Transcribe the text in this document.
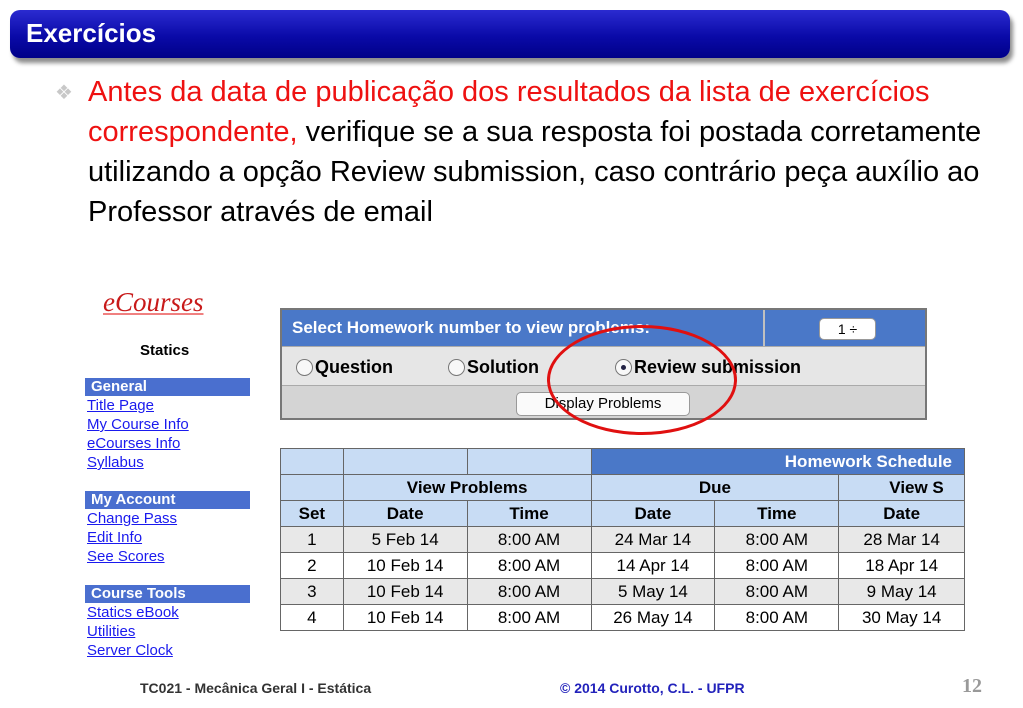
Exercícios
❖ Antes da data de publicação dos resultados da lista de exercícios correspondente, verifique se a sua resposta foi postada corretamente utilizando a opção Review submission, caso contrário peça auxílio ao Professor através de email
eCourses
Statics
General
Title Page
My Course Info
eCourses Info
Syllabus
My Account
Change Pass
Edit Info
See Scores
Course Tools
Statics eBook
Utilities
Server Clock
Select Homework number to view problems:	1 ÷
Question	Solution	Review submission
Display Problems
			Homework Schedule		
	View Problems		Due		View S
Set	Date	Time	Date	Time	Date
1	5 Feb 14	8:00 AM	24 Mar 14	8:00 AM	28 Mar 14
2	10 Feb 14	8:00 AM	14 Apr 14	8:00 AM	18 Apr 14
3	10 Feb 14	8:00 AM	5 May 14	8:00 AM	9 May 14
4	10 Feb 14	8:00 AM	26 May 14	8:00 AM	30 May 14
TC021 - Mecânica Geral I - Estática	© 2014 Curotto, C.L. - UFPR	12
